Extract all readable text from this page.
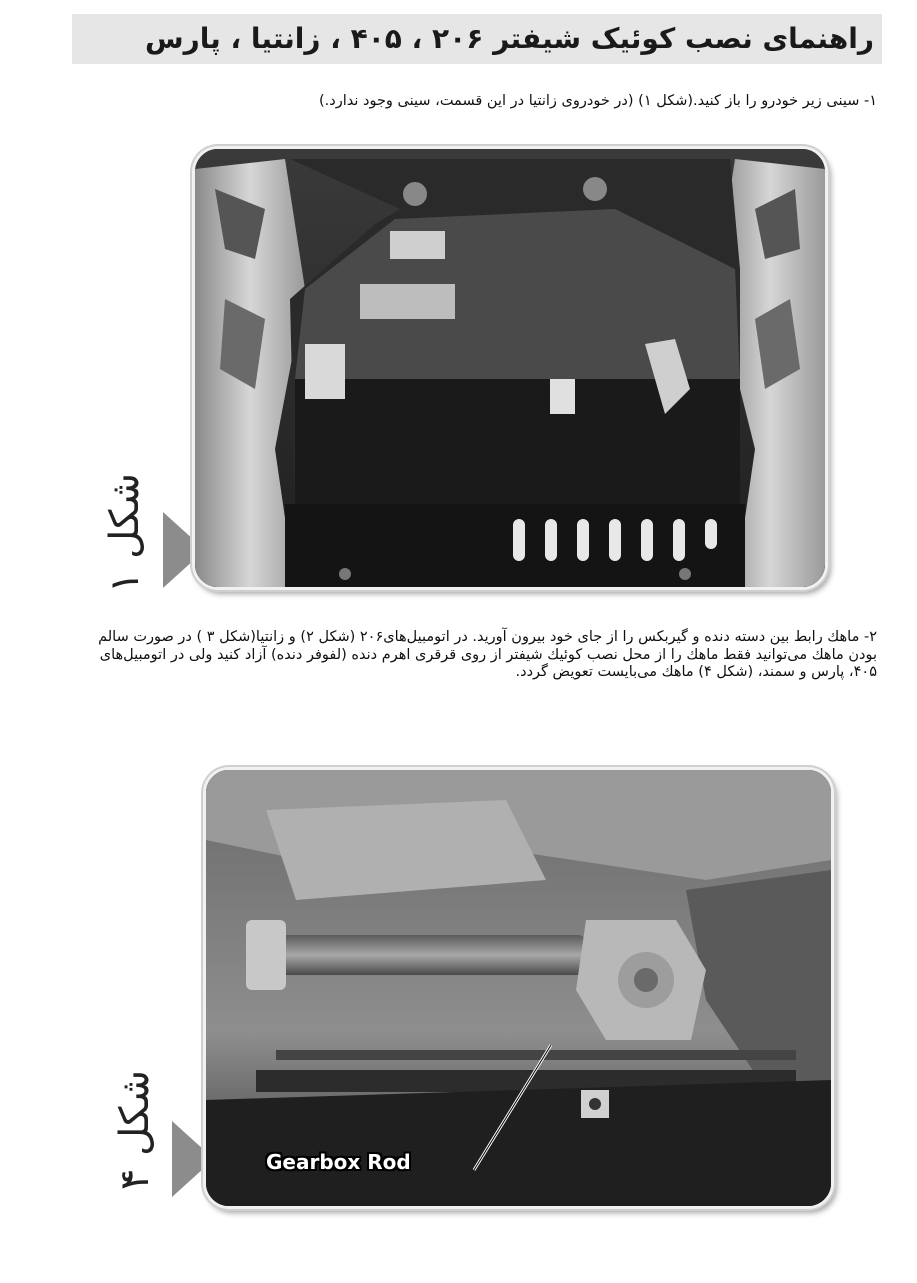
راهنمای نصب کوئیک شیفتر ۲۰۶ ، ۴۰۵ ، زانتیا ، پارس

۱- سینی زیر خودرو را باز کنید.(شکل ۱) (در خودروی زانتیا در این قسمت، سینی وجود ندارد.)

شکل ۱

۲- ماهك رابط بین دسته دنده و گیربکس را از جای خود بیرون آورید. در اتومبیل‌های۲۰۶ (شکل ۲) و زانتیا(شکل ۳ ) در صورت سالم بودن ماهك می‌توانید فقط ماهك را از محل نصب کوئیك شیفتر از روی قرقری اهرم دنده (لفوفر دنده) آزاد کنید ولی در اتومبیل‌های ۴۰۵، پارس و سمند، (شکل ۴) ماهك می‌بایست تعویض گردد.

شکل ۴	Gearbox Rod
